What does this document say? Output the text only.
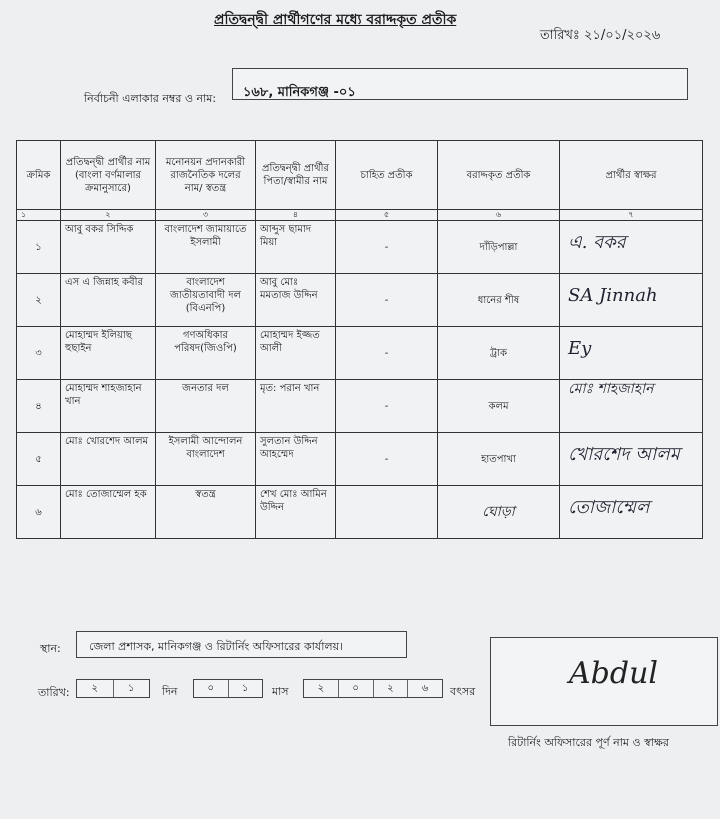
প্রতিদ্বন্দ্বী প্রার্থীগণের মধ্যে বরাদ্দকৃত প্রতীক
তারিখঃ ২১/০১/২০২৬
নির্বাচনী এলাকার নম্বর ও নাম: ১৬৮, মানিকগঞ্জ -০১
ক্রমিক	প্রতিদ্বন্দ্বী প্রার্থীর নাম (বাংলা বর্ণমালার ক্রমানুসারে)	মনোনয়ন প্রদানকারী রাজনৈতিক দলের নাম/ স্বতন্ত্র	প্রতিদ্বন্দ্বী প্রার্থীর পিতা/স্বামীর নাম	চাহিত প্রতীক	বরাদ্দকৃত প্রতীক	প্রার্থীর স্বাক্ষর
১	২	৩	৪	৫	৬	৭
১	আবু বকর সিদ্দিক	বাংলাদেশ জামায়াতে ইসলামী	আব্দুস ছামাদ মিয়া	-	দাঁড়িপাল্লা	এ. বকর

২	এস এ জিন্নাহ কবীর	বাংলাদেশ জাতীয়তাবাদী দল (বিএনপি)	আবু মোঃ মমতাজ উদ্দিন	-	ধানের শীষ	SA Jinnah

৩	মোহাম্মদ ইলিয়াছ হুছাইন	গণঅধিকার পরিষদ(জিওপি)	মোহাম্মদ ইজ্জত আলী	-	ট্রাক	Ey

৪	মোহাম্মদ শাহজাহান খান	জনতার দল	মৃত: পরান খান	-	কলম	মোঃ শাহজাহান

৫	মোঃ খোরশেদ আলম	ইসলামী আন্দোলন বাংলাদেশ	সুলতান উদ্দিন আহম্মেদ	-	হাতপাখা	খোরশেদ আলম

৬	মোঃ তোজাম্মেল হক	স্বতন্ত্র	শেখ মোঃ আমিন উদ্দিন		ঘোড়া	তোজাম্মেল
স্থান:	জেলা প্রশাসক, মানিকগঞ্জ ও রিটার্নিং অফিসারের কার্যালয়।
তারিখ:	২	১	দিন	০	১	মাস	২	০	২	৬	বৎসর
Abdul
রিটার্নিং অফিসারের পূর্ণ নাম ও স্বাক্ষর
